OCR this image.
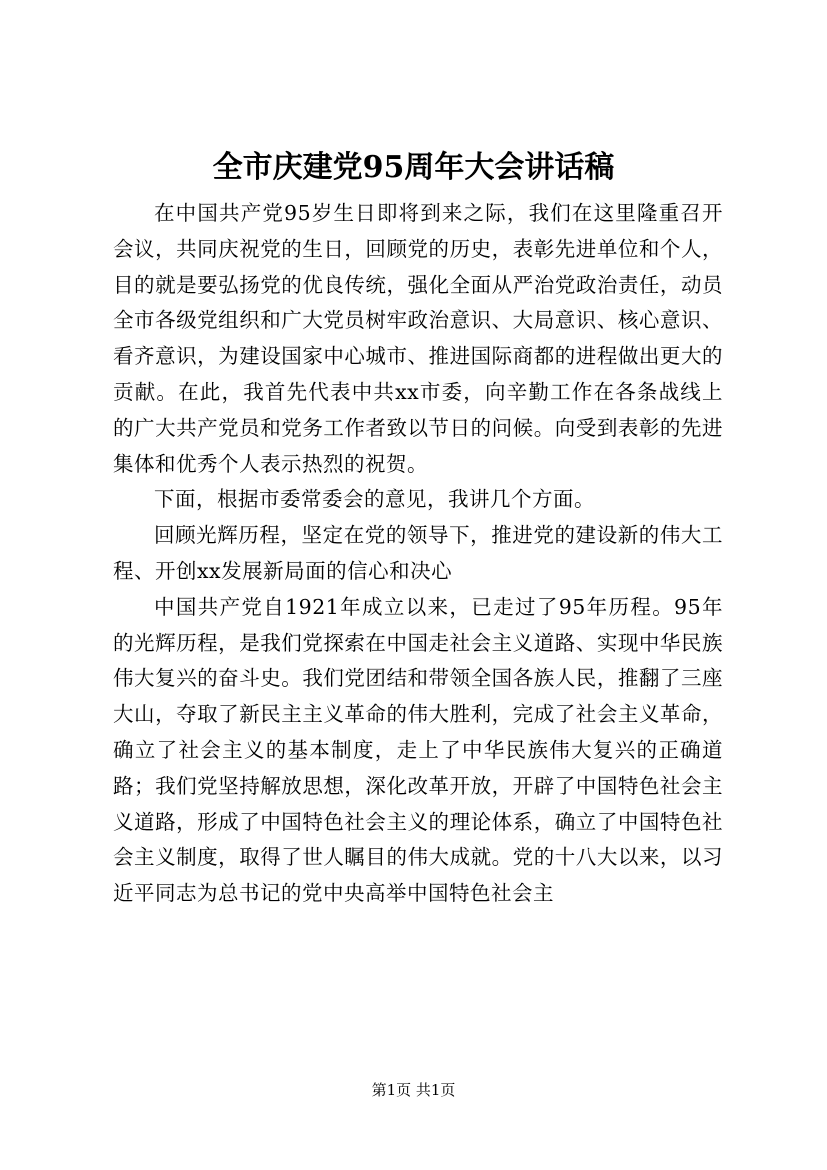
全市庆建党95周年大会讲话稿

在中国共产党95岁生日即将到来之际，我们在这里隆重召开会议，共同庆祝党的生日，回顾党的历史，表彰先进单位和个人，目的就是要弘扬党的优良传统，强化全面从严治党政治责任，动员全市各级党组织和广大党员树牢政治意识、大局意识、核心意识、看齐意识，为建设国家中心城市、推进国际商都的进程做出更大的贡献。在此，我首先代表中共xx市委，向辛勤工作在各条战线上的广大共产党员和党务工作者致以节日的问候。向受到表彰的先进集体和优秀个人表示热烈的祝贺。

下面，根据市委常委会的意见，我讲几个方面。

回顾光辉历程，坚定在党的领导下，推进党的建设新的伟大工程、开创xx发展新局面的信心和决心

中国共产党自1921年成立以来，已走过了95年历程。95年的光辉历程，是我们党探索在中国走社会主义道路、实现中华民族伟大复兴的奋斗史。我们党团结和带领全国各族人民，推翻了三座大山，夺取了新民主主义革命的伟大胜利，完成了社会主义革命，确立了社会主义的基本制度，走上了中华民族伟大复兴的正确道路；我们党坚持解放思想，深化改革开放，开辟了中国特色社会主义道路，形成了中国特色社会主义的理论体系，确立了中国特色社会主义制度，取得了世人瞩目的伟大成就。党的十八大以来，以习近平同志为总书记的党中央高举中国特色社会主

第1页 共1页
